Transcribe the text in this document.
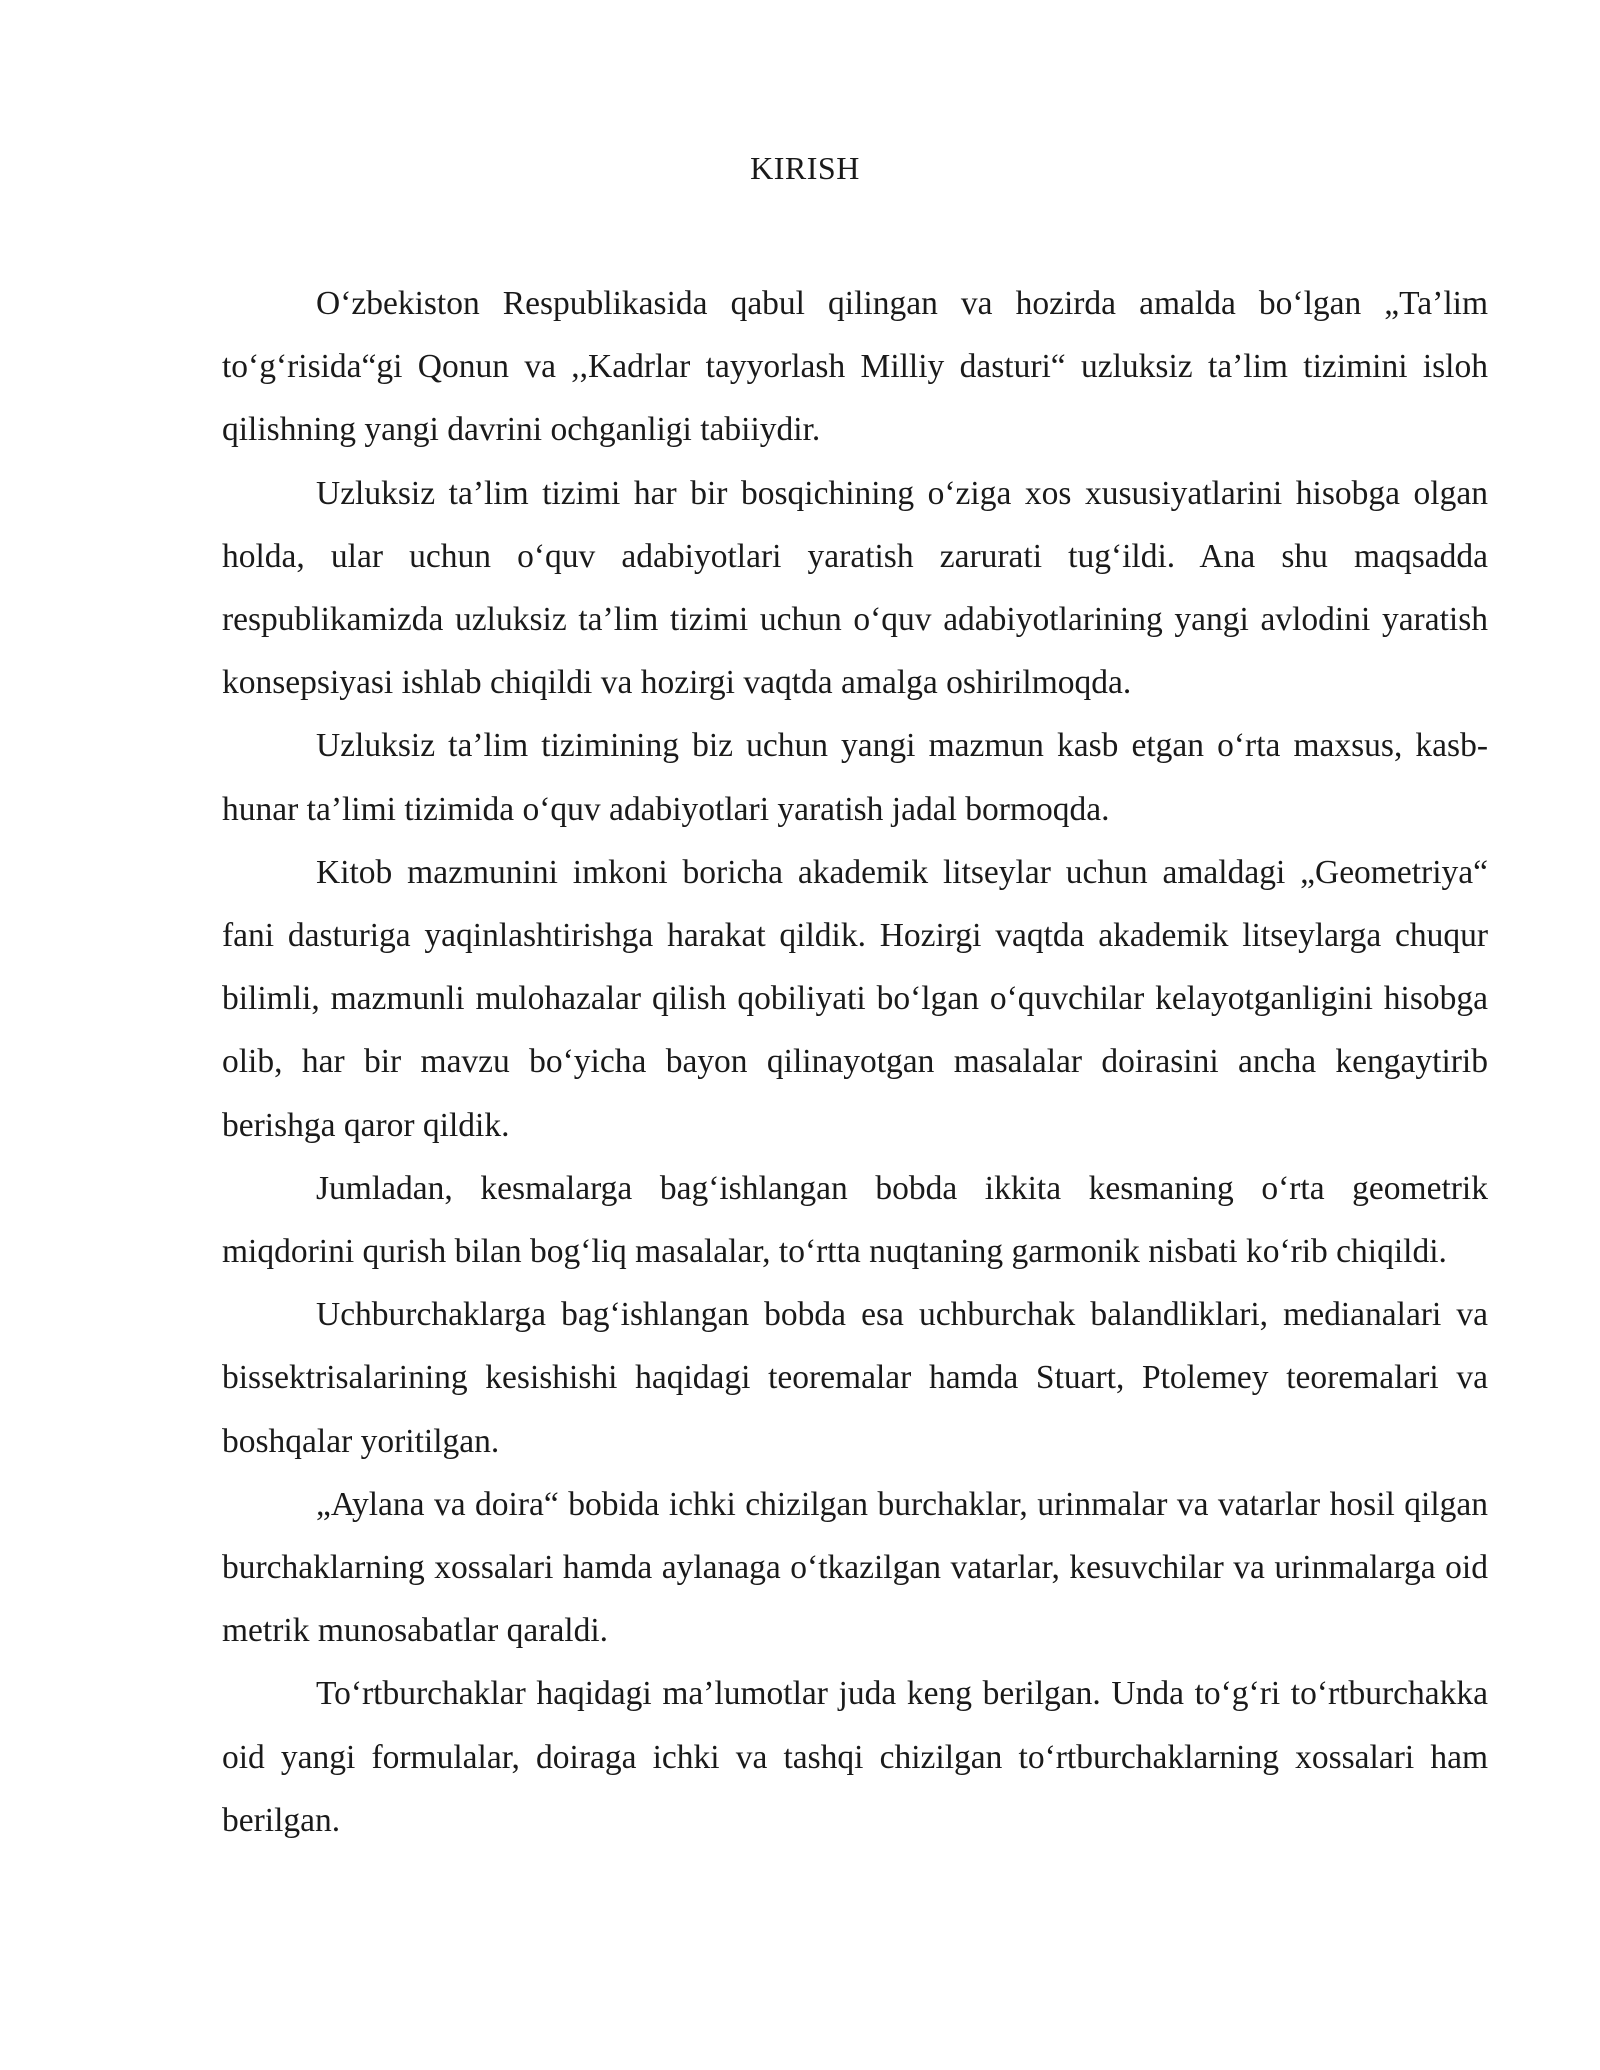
KIRISH

O‘zbekiston Respublikasida qabul qilingan va hozirda amalda bo‘lgan „Ta’lim to‘g‘risida“gi Qonun va ,,Kadrlar tayyorlash Milliy dasturi“ uzluksiz ta’lim tizimini isloh qilishning yangi davrini ochganligi tabiiydir.

Uzluksiz ta’lim tizimi har bir bosqichining o‘ziga xos xususiyatlarini hisobga olgan holda, ular uchun o‘quv adabiyotlari yaratish zarurati tug‘ildi. Ana shu maqsadda respublikamizda uzluksiz ta’lim tizimi uchun o‘quv adabiyotlarining yangi avlodini yaratish konsepsiyasi ishlab chiqildi va hozirgi vaqtda amalga oshirilmoqda.

Uzluksiz ta’lim tizimining biz uchun yangi mazmun kasb etgan o‘rta maxsus, kasb-hunar ta’limi tizimida o‘quv adabiyotlari yaratish jadal bormoqda.

Kitob mazmunini imkoni boricha akademik litseylar uchun amaldagi „Geometriya“ fani dasturiga yaqinlashtirishga harakat qildik. Hozirgi vaqtda akademik litseylarga chuqur bilimli, mazmunli mulohazalar qilish qobiliyati bo‘lgan o‘quvchilar kelayotganligini hisobga olib, har bir mavzu bo‘yicha bayon qilinayotgan masalalar doirasini ancha kengaytirib berishga qaror qildik.

Jumladan, kesmalarga bag‘ishlangan bobda ikkita kesmaning o‘rta geometrik miqdorini qurish bilan bog‘liq masalalar, to‘rtta nuqtaning garmonik nisbati ko‘rib chiqildi.

Uchburchaklarga bag‘ishlangan bobda esa uchburchak balandliklari, medianalari va bissektrisalarining kesishishi haqidagi teoremalar hamda Stuart, Ptolemey teoremalari va boshqalar yoritilgan.

„Aylana va doira“ bobida ichki chizilgan burchaklar, urinmalar va vatarlar hosil qilgan burchaklarning xossalari hamda aylanaga o‘tkazilgan vatarlar, kesuvchilar va urinmalarga oid metrik munosabatlar qaraldi.

To‘rtburchaklar haqidagi ma’lumotlar juda keng berilgan. Unda to‘g‘ri to‘rtburchakka oid yangi formulalar, doiraga ichki va tashqi chizilgan to‘rtburchaklarning xossalari ham berilgan.
